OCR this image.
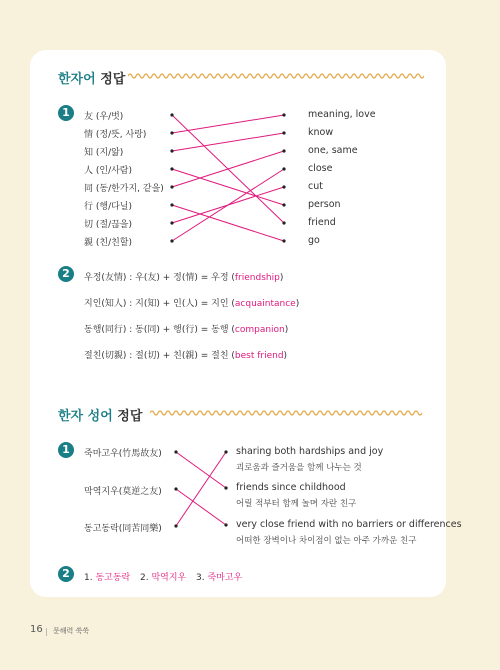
한자어 정답
1	友 (우/벗)
情 (정/뜻, 사랑)
知 (지/앎)
人 (인/사람)
同 (동/한가지, 같을)
行 (행/다닐)
切 (절/끊을)
親 (친/친할)
meaning, love
know
one, same
close
cut
person
friend
go
2	우정(友情) : 우(友) + 정(情) = 우정 (friendship)
지인(知人) : 지(知) + 인(人) = 지인 (acquaintance)
동행(同行) : 동(同) + 행(行) = 동행 (companion)
절친(切親) : 절(切) + 친(親) = 절친 (best friend)
한자 성어 정답
1	죽마고우(竹馬故友)
막역지우(莫逆之友)
동고동락(同苦同樂)
sharing both hardships and joy
괴로움과 즐거움을 함께 나누는 것
friends since childhood
어릴 적부터 함께 놀며 자란 친구
very close friend with no barriers or differences
어떠한 장벽이나 차이점이 없는 아주 가까운 친구
2	1. 동고동락 2. 막역지우 3. 죽마고우
16 문해력 쑥쑥
